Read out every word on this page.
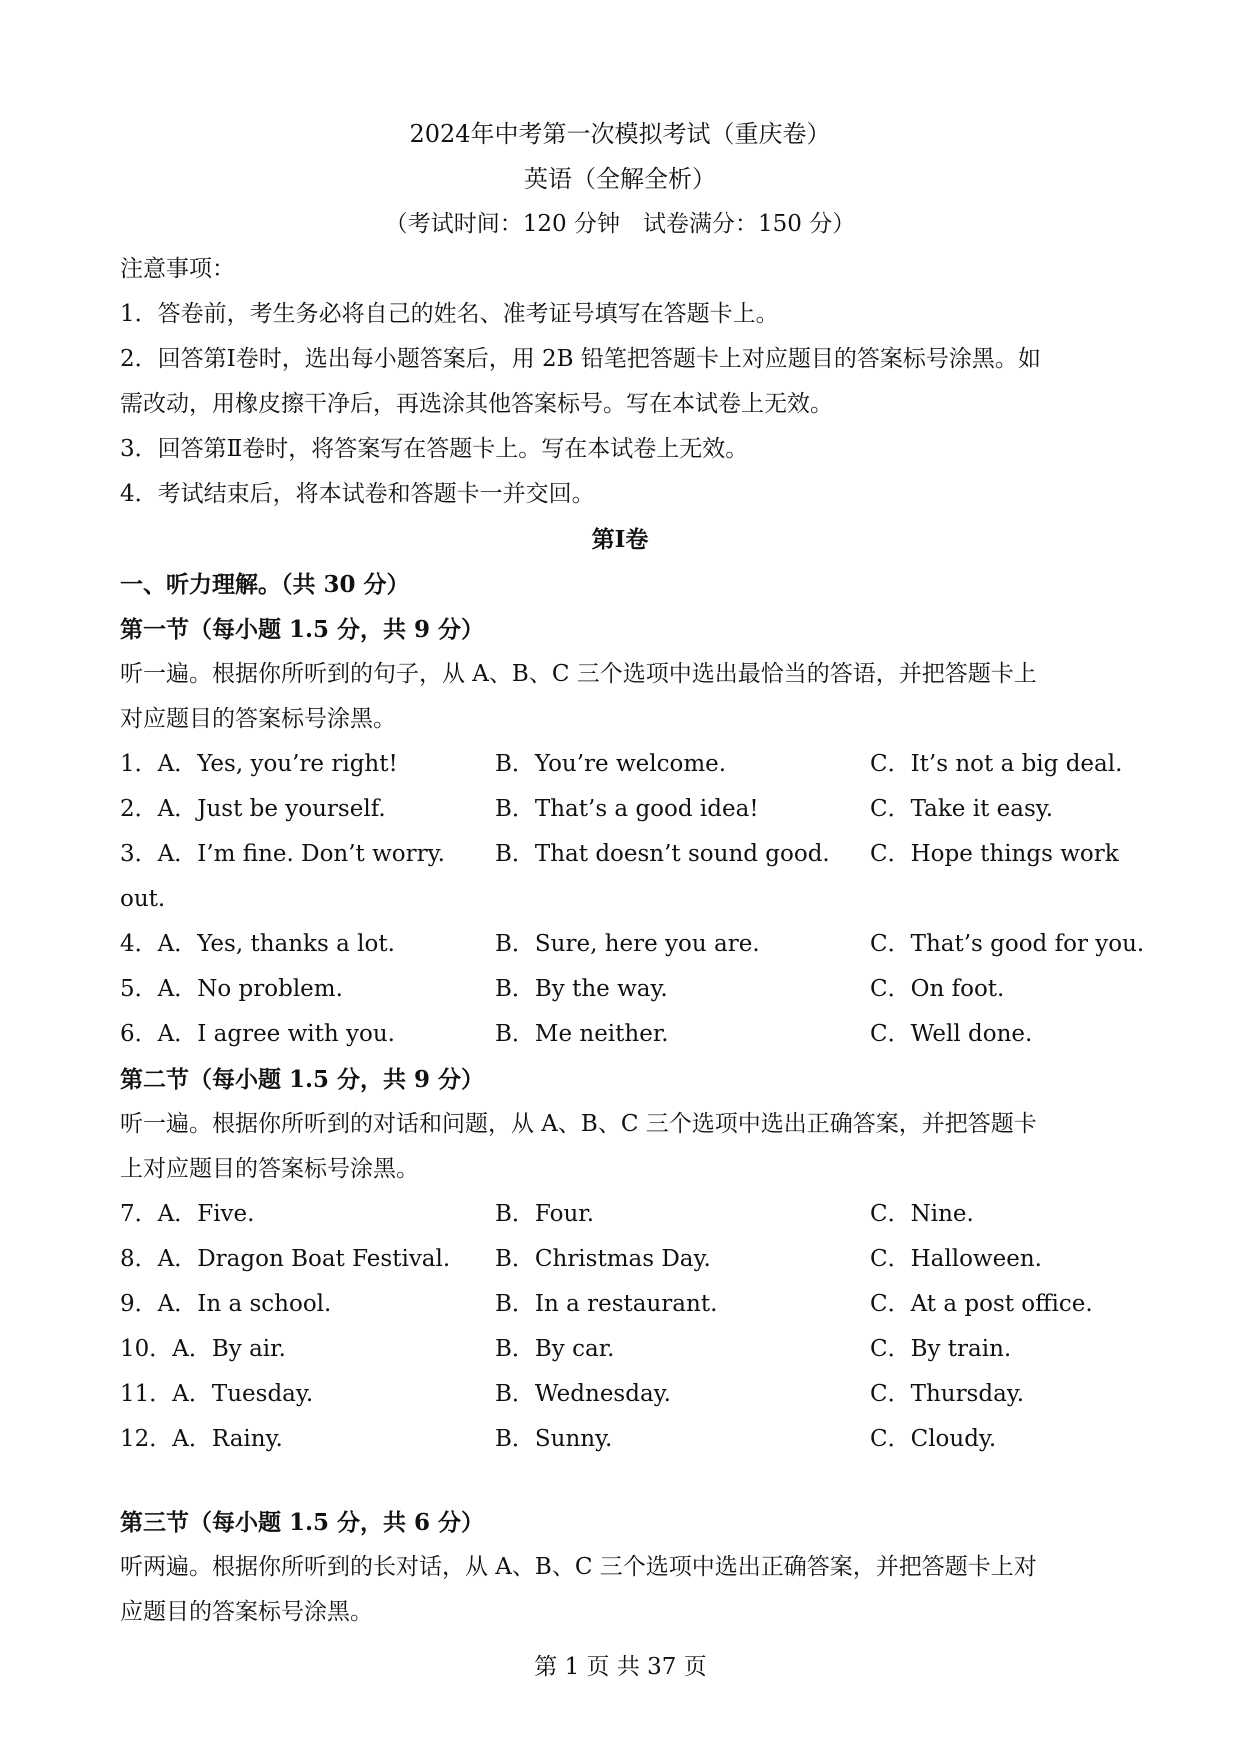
2024年中考第一次模拟考试（重庆卷）
英语（全解全析）
（考试时间：120 分钟　试卷满分：150 分）
注意事项：
1．答卷前，考生务必将自己的姓名、准考证号填写在答题卡上。
2．回答第Ⅰ卷时，选出每小题答案后，用 2B 铅笔把答题卡上对应题目的答案标号涂黑。如
需改动，用橡皮擦干净后，再选涂其他答案标号。写在本试卷上无效。
3．回答第Ⅱ卷时，将答案写在答题卡上。写在本试卷上无效。
4．考试结束后，将本试卷和答题卡一并交回。
第Ⅰ卷
一、听力理解。（共 30 分）
第一节（每小题 1.5 分，共 9 分）
听一遍。根据你所听到的句子，从 A、B、C 三个选项中选出最恰当的答语，并把答题卡上
对应题目的答案标号涂黑。
1．A．Yes, you’re right!	B．You’re welcome.	C．It’s not a big deal.
2．A．Just be yourself.	B．That’s a good idea!	C．Take it easy.
3．A．I’m fine. Don’t worry. B．That doesn’t sound good. C．Hope things work
out.
4．A．Yes, thanks a lot.	B．Sure, here you are.	C．That’s good for you.
5．A．No problem.	B．By the way.	C．On foot.
6．A．I agree with you.	B．Me neither.	C．Well done.
第二节（每小题 1.5 分，共 9 分）
听一遍。根据你所听到的对话和问题，从 A、B、C 三个选项中选出正确答案，并把答题卡
上对应题目的答案标号涂黑。
7．A．Five.	B．Four.	C．Nine.
8．A．Dragon Boat Festival. B．Christmas Day.	C．Halloween.
9．A．In a school.	B．In a restaurant.	C．At a post office.
10．A．By air.	B．By car.	C．By train.
11．A．Tuesday.	B．Wednesday.	C．Thursday.
12．A．Rainy.	B．Sunny.	C．Cloudy.
第三节（每小题 1.5 分，共 6 分）
听两遍。根据你所听到的长对话，从 A、B、C 三个选项中选出正确答案，并把答题卡上对
应题目的答案标号涂黑。
第 1 页 共 37 页
